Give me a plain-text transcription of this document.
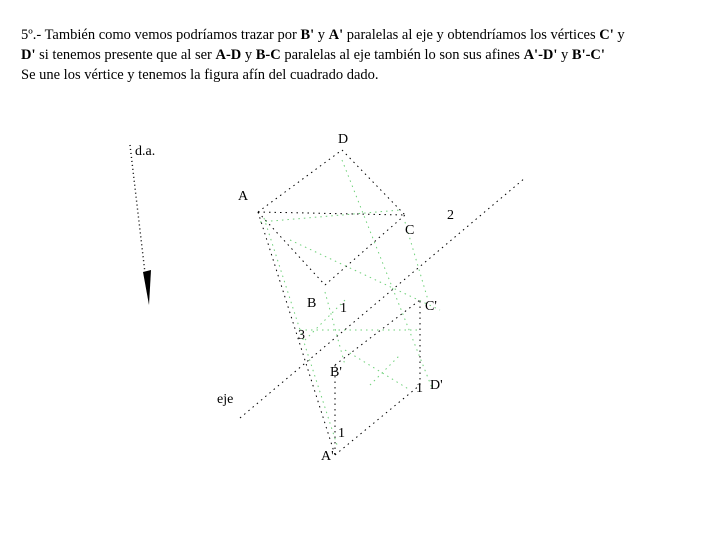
5º.- También como vemos podríamos trazar por B' y A' paralelas al eje y obtendríamos los vértices C' y

D' si tenemos presente que al ser A-D y B-C paralelas al eje también lo son sus afines A'-D' y B'-C'

Se une los vértice y tenemos la figura afín del cuadrado dado.

d.a.
D
A
C
2
B 1	C'
3
B'
D'
1
eje
1
A'
